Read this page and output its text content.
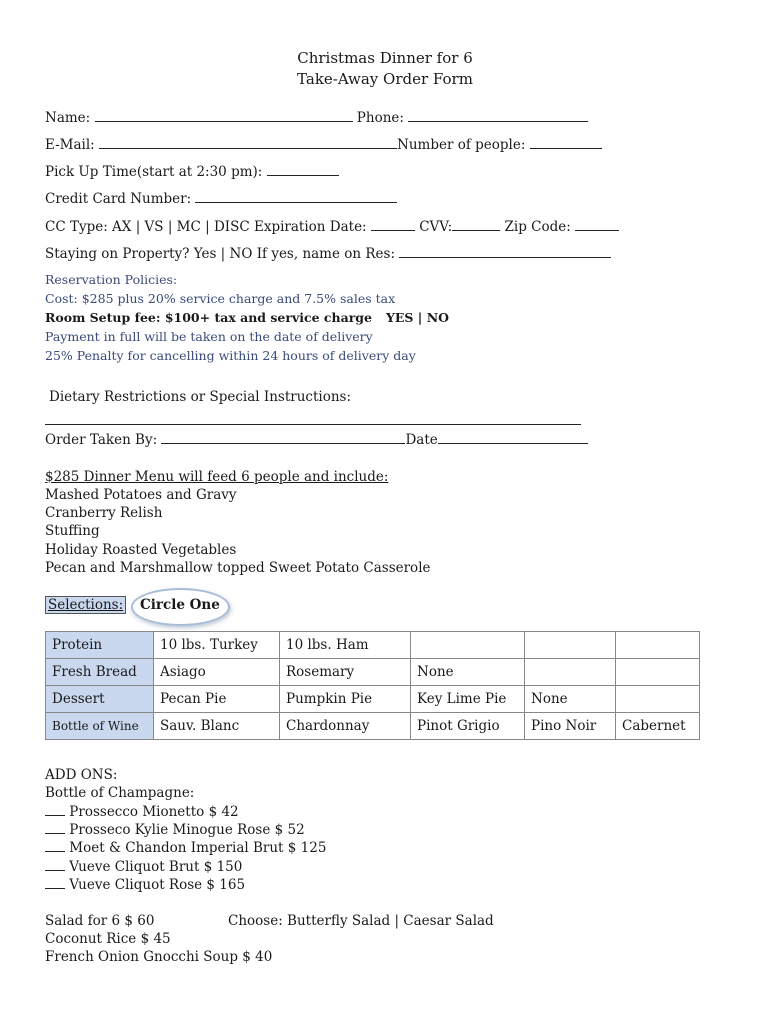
Christmas Dinner for 6
Take-Away Order Form
Name:	Phone:
E-Mail:	Number of people:
Pick Up Time(start at 2:30 pm):
Credit Card Number:
CC Type: AX | VS | MC | DISC Expiration Date:	CVV:	Zip Code:
Staying on Property? Yes | NO If yes, name on Res:
Reservation Policies:
Cost: $285 plus 20% service charge and 7.5% sales tax
Room Setup fee: $100+ tax and service charge YES | NO
Payment in full will be taken on the date of delivery
25% Penalty for cancelling within 24 hours of delivery day
Dietary Restrictions or Special Instructions:
Order Taken By:	Date
$285 Dinner Menu will feed 6 people and include:
Mashed Potatoes and Gravy
Cranberry Relish
Stuffing
Holiday Roasted Vegetables
Pecan and Marshmallow topped Sweet Potato Casserole
Selections: Circle One
Protein	10 lbs. Turkey	10 lbs. Ham			
Fresh Bread	Asiago	Rosemary	None		
Dessert	Pecan Pie	Pumpkin Pie	Key Lime Pie	None	
Bottle of Wine	Sauv. Blanc	Chardonnay	Pinot Grigio	Pino Noir	Cabernet
ADD ONS:
Bottle of Champagne:
Prossecco Mionetto $ 42
Prosseco Kylie Minogue Rose $ 52
Moet & Chandon Imperial Brut $ 125
Vueve Cliquot Brut $ 150
Vueve Cliquot Rose $ 165
Salad for 6 $ 60	Choose: Butterfly Salad | Caesar Salad
Coconut Rice $ 45
French Onion Gnocchi Soup $ 40
